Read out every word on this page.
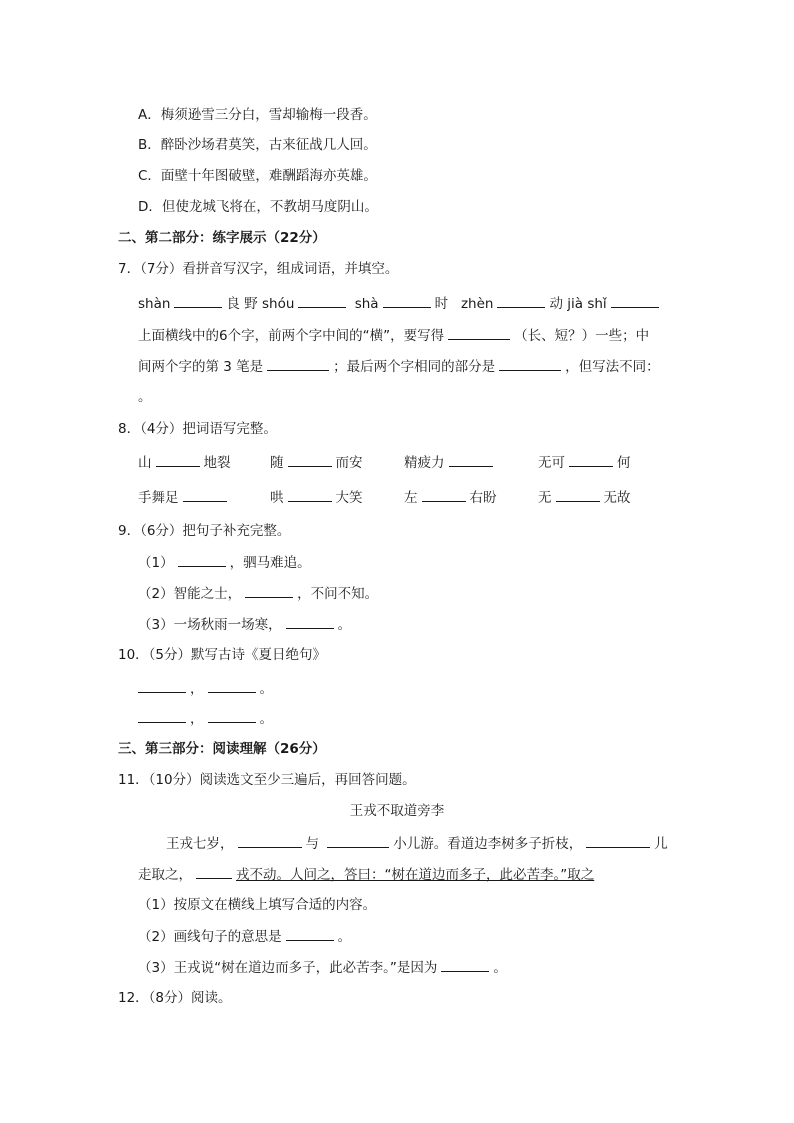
A．梅须逊雪三分白，雪却输梅一段香。
B．醉卧沙场君莫笑，古来征战几人回。
C．面壁十年图破壁，难酬蹈海亦英雄。
D．但使龙城飞将在，不教胡马度阴山。
二、第二部分：练字展示（22分）
7．（7分）看拼音写汉字，组成词语，并填空。
shàn	良 野 shóu	shà	时 zhèn	动 jià shǐ
上面横线中的6个字，前两个字中间的“横”，要写得	（长、短？）一些；中
间两个字的第 3 笔是	；最后两个字相同的部分是	，但写法不同：
。
8．（4分）把词语写完整。
山	地裂	随	而安	精疲力	无可	何
手舞足	哄	大笑	左	右盼	无	无故
9．（6分）把句子补充完整。
（1）	，驷马难追。
（2）智能之士，	，不问不知。
（3）一场秋雨一场寒，	。
10．（5分）默写古诗《夏日绝句》
，	。
，	。
三、第三部分：阅读理解（26分）
11．（10分）阅读选文至少三遍后，再回答问题。
王戎不取道旁李
王戎七岁，	与	小儿游。看道边李树多子折枝，	儿
走取之，	戎不动。人问之，答曰：“树在道边而多子，此必苦李。”取之
（1）按原文在横线上填写合适的内容。
（2）画线句子的意思是	。
（3）王戎说“树在道边而多子，此必苦李。”是因为	。
12．（8分）阅读。
